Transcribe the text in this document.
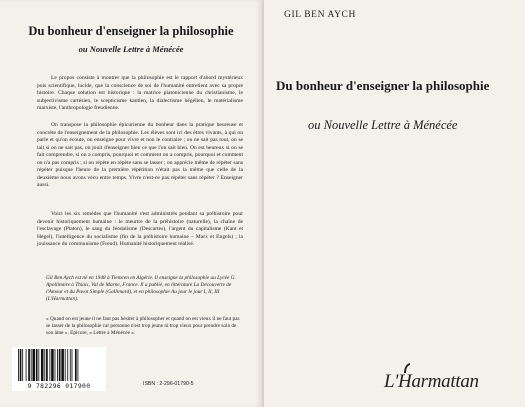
Du bonheur d'enseigner la philosophie
ou Nouvelle Lettre à Ménécée

Le propos consiste à montrer que la philosophie est le rapport d'abord mystérieux puis scientifique, lucide, que la conscience de soi de l'humanité entretient avec sa propre histoire. Chaque solution est historique : la matrice platonicienne du christianisme, le subjectivisme cartésien, le scepticisme kantien, la dialectisme hégélien, le matérialisme marxiste, l'anthropologie freudienne.

On transpose la philosophie épicurienne du bonheur dans la pratique heureuse et concrète de l'enseignement de la philosophie. Les élèves sont ici des êtres vivants, à qui on parle et qu'on écoute, on enseigne pour vivre et non le contraire ; on ne sait pas tout, on se tait si on ne sait pas, on jouit d'enseigner bien ce que l'on sait bien. On est heureux si on se fait comprendre, si on a compris, pourquoi et comment on a compris, pourquoi et comment on n'a pas compris ; si on répète en répète sans se lasser ; on apprécie même de répéter sans répéter puisque l'heure de la première répétition n'était pas la même que celle de la deuxième nous avons vécu entre temps. Vivre n'est-ce pas répéter sans répéter ? Enseigner aussi.

Voici les six remèdes que l'humanité s'est administrés pendant sa préhistoire pour devenir historiquement humaine : le meurtre de la préhistoire (naturelle), la chaîne de l'esclavage (Platon), le sang du féodalisme (Descartes), l'argent du capitalisme (Kant et Hegel), l'intelligence du socialisme (fin de la préhistoire humaine – Marx et Engels) ; la jouissance du communisme (Freud). Humanité historiquement réalisé.

Gil Ben Aych est né en 1948 à Tlemcen en Algérie. Il enseigne la philosophie au Lycée G. Apollinaire à Thiais, Val de Marne, France. Il a publié, en littérature La Découverte de l'Amour et du Pavot Simple (Gallimard), et en philosophie Au jour le jour I, II, III (L'Harmattan).

« Quand on est jeune il ne faut pas hésiter à philosopher et quand on est vieux il ne faut pas se lasser de la philosophie car personne n'est trop jeune ni trop vieux pour prendre soin de son âme ». Epicure, « Lettre à Ménécée ».

9 782296 017900	ISBN : 2-296-01790-5
GIL BEN AYCH
Du bonheur d'enseigner la philosophie
ou Nouvelle Lettre à Ménécée
L'Harmattan
